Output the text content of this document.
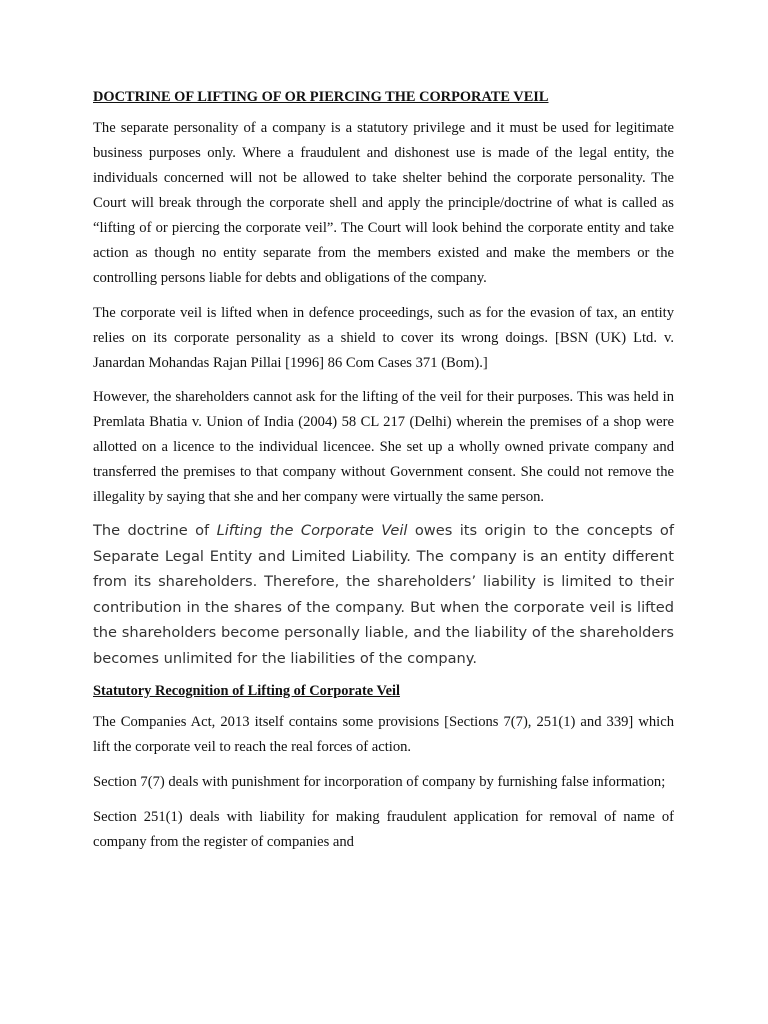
DOCTRINE OF LIFTING OF OR PIERCING THE CORPORATE VEIL

The separate personality of a company is a statutory privilege and it must be used for legitimate business purposes only. Where a fraudulent and dishonest use is made of the legal entity, the individuals concerned will not be allowed to take shelter behind the corporate personality. The Court will break through the corporate shell and apply the principle/doctrine of what is called as “lifting of or piercing the corporate veil”. The Court will look behind the corporate entity and take action as though no entity separate from the members existed and make the members or the controlling persons liable for debts and obligations of the company.

The corporate veil is lifted when in defence proceedings, such as for the evasion of tax, an entity relies on its corporate personality as a shield to cover its wrong doings. [BSN (UK) Ltd. v. Janardan Mohandas Rajan Pillai [1996] 86 Com Cases 371 (Bom).]

However, the shareholders cannot ask for the lifting of the veil for their purposes. This was held in Premlata Bhatia v. Union of India (2004) 58 CL 217 (Delhi) wherein the premises of a shop were allotted on a licence to the individual licencee. She set up a wholly owned private company and transferred the premises to that company without Government consent. She could not remove the illegality by saying that she and her company were virtually the same person.

The doctrine of Lifting the Corporate Veil owes its origin to the concepts of Separate Legal Entity and Limited Liability. The company is an entity different from its shareholders. Therefore, the shareholders’ liability is limited to their contribution in the shares of the company. But when the corporate veil is lifted the shareholders become personally liable, and the liability of the shareholders becomes unlimited for the liabilities of the company.

Statutory Recognition of Lifting of Corporate Veil

The Companies Act, 2013 itself contains some provisions [Sections 7(7), 251(1) and 339] which lift the corporate veil to reach the real forces of action.

Section 7(7) deals with punishment for incorporation of company by furnishing false information;

Section 251(1) deals with liability for making fraudulent application for removal of name of company from the register of companies and
